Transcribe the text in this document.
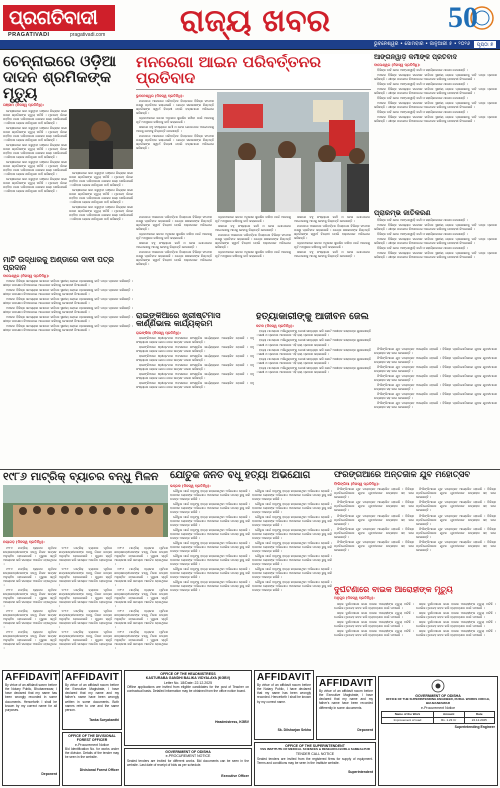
ପ୍ରଗତିବାଦୀ
PRAGATIVADI	pragativadi.com	ରାଜ୍ୟ ଖବର	50
ଭୁବନେଶ୍ୱର • ସୋମବାର • ଜାନୁଆରୀ ୫ • ୨୦୨୬	ପୃଷ୍ଠା ୭
ଚେନ୍ନାଇରେ ଓଡ଼ିଆ ଦାଦନ ଶ୍ରମିକଙ୍କ ମୃତ୍ୟୁ
ଗଞ୍ଜାମ (ନିଜସ୍ୱ ପ୍ରତିନିଧି):

ଚେନ୍ନାଇରେ କାମ କରୁଥିବା ଗଞ୍ଜାମ ଜିଲ୍ଲାର ଜଣେ ଦାଦନ ଶ୍ରମିକଙ୍କ ମୃତ୍ୟୁ ଘଟିଛି । ମୃତଦେହ ଗାଁରେ ପହଞ୍ଚିବା ପରେ ପରିବାରରେ ଶୋକର ଛାୟା ଖେଳିଯାଇଛି । ପରିବାର ଲୋକେ କ୍ଷତିପୂରଣ ଦାବି କରିଛନ୍ତି ।

ଚେନ୍ନାଇରେ କାମ କରୁଥିବା ଗଞ୍ଜାମ ଜିଲ୍ଲାର ଜଣେ ଦାଦନ ଶ୍ରମିକଙ୍କ ମୃତ୍ୟୁ ଘଟିଛି । ମୃତଦେହ ଗାଁରେ ପହଞ୍ଚିବା ପରେ ପରିବାରରେ ଶୋକର ଛାୟା ଖେଳିଯାଇଛି । ପରିବାର ଲୋକେ କ୍ଷତିପୂରଣ ଦାବି କରିଛନ୍ତି ।

ଚେନ୍ନାଇରେ କାମ କରୁଥିବା ଗଞ୍ଜାମ ଜିଲ୍ଲାର ଜଣେ ଦାଦନ ଶ୍ରମିକଙ୍କ ମୃତ୍ୟୁ ଘଟିଛି । ମୃତଦେହ ଗାଁରେ ପହଞ୍ଚିବା ପରେ ପରିବାରରେ ଶୋକର ଛାୟା ଖେଳିଯାଇଛି । ପରିବାର ଲୋକେ କ୍ଷତିପୂରଣ ଦାବି କରିଛନ୍ତି ।

ଚେନ୍ନାଇରେ କାମ କରୁଥିବା ଗଞ୍ଜାମ ଜିଲ୍ଲାର ଜଣେ ଦାଦନ ଶ୍ରମିକଙ୍କ ମୃତ୍ୟୁ ଘଟିଛି । ମୃତଦେହ ଗାଁରେ ପହଞ୍ଚିବା ପରେ ପରିବାରରେ ଶୋକର ଛାୟା ଖେଳିଯାଇଛି । ପରିବାର ଲୋକେ କ୍ଷତିପୂରଣ ଦାବି କରିଛନ୍ତି ।

ଚେନ୍ନାଇରେ କାମ କରୁଥିବା ଗଞ୍ଜାମ ଜିଲ୍ଲାର ଜଣେ ଦାଦନ ଶ୍ରମିକଙ୍କ ମୃତ୍ୟୁ ଘଟିଛି । ମୃତଦେହ ଗାଁରେ ପହଞ୍ଚିବା ପରେ ପରିବାରରେ ଶୋକର ଛାୟା ଖେଳିଯାଇଛି । ପରିବାର ଲୋକେ କ୍ଷତିପୂରଣ ଦାବି କରିଛନ୍ତି ।

ଚେନ୍ନାଇରେ କାମ କରୁଥିବା ଗଞ୍ଜାମ ଜିଲ୍ଲାର ଜଣେ ଦାଦନ ଶ୍ରମିକଙ୍କ ମୃତ୍ୟୁ ଘଟିଛି । ମୃତଦେହ ଗାଁରେ ପହଞ୍ଚିବା ପରେ ପରିବାରରେ ଶୋକର ଛାୟା ଖେଳିଯାଇଛି । ପରିବାର ଲୋକେ କ୍ଷତିପୂରଣ ଦାବି କରିଛନ୍ତି ।

ଚେନ୍ନାଇରେ କାମ କରୁଥିବା ଗଞ୍ଜାମ ଜିଲ୍ଲାର ଜଣେ ଦାଦନ ଶ୍ରମିକଙ୍କ ମୃତ୍ୟୁ ଘଟିଛି । ମୃତଦେହ ଗାଁରେ ପହଞ୍ଚିବା ପରେ ପରିବାରରେ ଶୋକର ଛାୟା ଖେଳିଯାଇଛି । ପରିବାର ଲୋକେ କ୍ଷତିପୂରଣ ଦାବି କରିଛନ୍ତି ।

ଚେନ୍ନାଇରେ କାମ କରୁଥିବା ଗଞ୍ଜାମ ଜିଲ୍ଲାର ଜଣେ ଦାଦନ ଶ୍ରମିକଙ୍କ ମୃତ୍ୟୁ ଘଟିଛି । ମୃତଦେହ ଗାଁରେ ପହଞ୍ଚିବା ପରେ ପରିବାରରେ ଶୋକର ଛାୟା ଖେଳିଯାଇଛି । ପରିବାର ଲୋକେ କ୍ଷତିପୂରଣ ଦାବି କରିଛନ୍ତି ।

ମାଟି ଉଦ୍ଧାରକୁ ଅଣ୍ଡାରେ ଦାବୀ ପତ୍ର ପ୍ରଦାନ
ବାଲେଶ୍ୱର (ନିଜସ୍ୱ ପ୍ରତିନିଧି):

ଅଞ୍ଚଳର ବିଭିନ୍ନ ସମସ୍ୟାର ସମାଧାନ ଦାବିରେ ସ୍ଥାନୀୟ ଲୋକେ ପ୍ରଶାସନକୁ ଦାବି ପତ୍ର ପ୍ରଦାନ କରିଛନ୍ତି । ଶୀଘ୍ର ପଦକ୍ଷେପ ନିଆନଗଲେ ଆନ୍ଦୋଳନ କରିବାକୁ ଚେତାବନୀ ଦିଆଯାଇଛି ।

ଅଞ୍ଚଳର ବିଭିନ୍ନ ସମସ୍ୟାର ସମାଧାନ ଦାବିରେ ସ୍ଥାନୀୟ ଲୋକେ ପ୍ରଶାସନକୁ ଦାବି ପତ୍ର ପ୍ରଦାନ କରିଛନ୍ତି । ଶୀଘ୍ର ପଦକ୍ଷେପ ନିଆନଗଲେ ଆନ୍ଦୋଳନ କରିବାକୁ ଚେତାବନୀ ଦିଆଯାଇଛି ।

ଅଞ୍ଚଳର ବିଭିନ୍ନ ସମସ୍ୟାର ସମାଧାନ ଦାବିରେ ସ୍ଥାନୀୟ ଲୋକେ ପ୍ରଶାସନକୁ ଦାବି ପତ୍ର ପ୍ରଦାନ କରିଛନ୍ତି । ଶୀଘ୍ର ପଦକ୍ଷେପ ନିଆନଗଲେ ଆନ୍ଦୋଳନ କରିବାକୁ ଚେତାବନୀ ଦିଆଯାଇଛି ।

ଅଞ୍ଚଳର ବିଭିନ୍ନ ସମସ୍ୟାର ସମାଧାନ ଦାବିରେ ସ୍ଥାନୀୟ ଲୋକେ ପ୍ରଶାସନକୁ ଦାବି ପତ୍ର ପ୍ରଦାନ କରିଛନ୍ତି । ଶୀଘ୍ର ପଦକ୍ଷେପ ନିଆନଗଲେ ଆନ୍ଦୋଳନ କରିବାକୁ ଚେତାବନୀ ଦିଆଯାଇଛି ।

ଅଞ୍ଚଳର ବିଭିନ୍ନ ସମସ୍ୟାର ସମାଧାନ ଦାବିରେ ସ୍ଥାନୀୟ ଲୋକେ ପ୍ରଶାସନକୁ ଦାବି ପତ୍ର ପ୍ରଦାନ କରିଛନ୍ତି । ଶୀଘ୍ର ପଦକ୍ଷେପ ନିଆନଗଲେ ଆନ୍ଦୋଳନ କରିବାକୁ ଚେତାବନୀ ଦିଆଯାଇଛି ।

ଅଞ୍ଚଳର ବିଭିନ୍ନ ସମସ୍ୟାର ସମାଧାନ ଦାବିରେ ସ୍ଥାନୀୟ ଲୋକେ ପ୍ରଶାସନକୁ ଦାବି ପତ୍ର ପ୍ରଦାନ କରିଛନ୍ତି । ଶୀଘ୍ର ପଦକ୍ଷେପ ନିଆନଗଲେ ଆନ୍ଦୋଳନ କରିବାକୁ ଚେତାବନୀ ଦିଆଯାଇଛି ।

ମନରେଗା ଆଇନ ପରିବର୍ତ୍ତନର ପ୍ରତିବାଦ
ଭୁବନେଶ୍ୱର (ନିଜସ୍ୱ ପ୍ରତିନିଧି):

ମନରେଗା ଆଇନରେ ପରିବର୍ତ୍ତନ ବିରୋଧରେ ବିଭିନ୍ନ ସଂଗଠନ ପକ୍ଷରୁ ପ୍ରତିବାଦ କରାଯାଇଛି । କେନ୍ଦ୍ର ସରକାରଙ୍କ ନିଷ୍ପତ୍ତି ଶ୍ରମିକଙ୍କ ସ୍ୱାର୍ଥ ବିରୋଧୀ ବୋଲି ବକ୍ତାମାନେ ଅଭିଯୋଗ କରିଛନ୍ତି ।

ଗ୍ରାମାଞ୍ଚଳରେ କାମର ଅଧିକାର ସୁରକ୍ଷିତ ରଖିବା ପାଇଁ ଆଇନକୁ ପୂର୍ବ ଅବସ୍ଥାରେ ରଖିବାକୁ ଦାବି କରାଯାଇଛି ।

ସଭାରେ ବହୁ ସଂଖ୍ୟାରେ କର୍ମୀ ଓ ନେତା ଯୋଗଦେଇ ଆନ୍ଦୋଳନକୁ ଆଗକୁ ନେବାକୁ ନିଷ୍ପତ୍ତି ନେଇଛନ୍ତି ।

ମନରେଗା ଆଇନରେ ପରିବର୍ତ୍ତନ ବିରୋଧରେ ବିଭିନ୍ନ ସଂଗଠନ ପକ୍ଷରୁ ପ୍ରତିବାଦ କରାଯାଇଛି । କେନ୍ଦ୍ର ସରକାରଙ୍କ ନିଷ୍ପତ୍ତି ଶ୍ରମିକଙ୍କ ସ୍ୱାର୍ଥ ବିରୋଧୀ ବୋଲି ବକ୍ତାମାନେ ଅଭିଯୋଗ କରିଛନ୍ତି ।

ମନରେଗା ଆଇନରେ ପରିବର୍ତ୍ତନ ବିରୋଧରେ ବିଭିନ୍ନ ସଂଗଠନ ପକ୍ଷରୁ ପ୍ରତିବାଦ କରାଯାଇଛି । କେନ୍ଦ୍ର ସରକାରଙ୍କ ନିଷ୍ପତ୍ତି ଶ୍ରମିକଙ୍କ ସ୍ୱାର୍ଥ ବିରୋଧୀ ବୋଲି ବକ୍ତାମାନେ ଅଭିଯୋଗ କରିଛନ୍ତି ।

ଗ୍ରାମାଞ୍ଚଳରେ କାମର ଅଧିକାର ସୁରକ୍ଷିତ ରଖିବା ପାଇଁ ଆଇନକୁ ପୂର୍ବ ଅବସ୍ଥାରେ ରଖିବାକୁ ଦାବି କରାଯାଇଛି ।

ସଭାରେ ବହୁ ସଂଖ୍ୟାରେ କର୍ମୀ ଓ ନେତା ଯୋଗଦେଇ ଆନ୍ଦୋଳନକୁ ଆଗକୁ ନେବାକୁ ନିଷ୍ପତ୍ତି ନେଇଛନ୍ତି ।

ମନରେଗା ଆଇନରେ ପରିବର୍ତ୍ତନ ବିରୋଧରେ ବିଭିନ୍ନ ସଂଗଠନ ପକ୍ଷରୁ ପ୍ରତିବାଦ କରାଯାଇଛି । କେନ୍ଦ୍ର ସରକାରଙ୍କ ନିଷ୍ପତ୍ତି ଶ୍ରମିକଙ୍କ ସ୍ୱାର୍ଥ ବିରୋଧୀ ବୋଲି ବକ୍ତାମାନେ ଅଭିଯୋଗ କରିଛନ୍ତି ।

ଗ୍ରାମାଞ୍ଚଳରେ କାମର ଅଧିକାର ସୁରକ୍ଷିତ ରଖିବା ପାଇଁ ଆଇନକୁ ପୂର୍ବ ଅବସ୍ଥାରେ ରଖିବାକୁ ଦାବି କରାଯାଇଛି ।

ସଭାରେ ବହୁ ସଂଖ୍ୟାରେ କର୍ମୀ ଓ ନେତା ଯୋଗଦେଇ ଆନ୍ଦୋଳନକୁ ଆଗକୁ ନେବାକୁ ନିଷ୍ପତ୍ତି ନେଇଛନ୍ତି ।

ମନରେଗା ଆଇନରେ ପରିବର୍ତ୍ତନ ବିରୋଧରେ ବିଭିନ୍ନ ସଂଗଠନ ପକ୍ଷରୁ ପ୍ରତିବାଦ କରାଯାଇଛି । କେନ୍ଦ୍ର ସରକାରଙ୍କ ନିଷ୍ପତ୍ତି ଶ୍ରମିକଙ୍କ ସ୍ୱାର୍ଥ ବିରୋଧୀ ବୋଲି ବକ୍ତାମାନେ ଅଭିଯୋଗ କରିଛନ୍ତି ।

ଗ୍ରାମାଞ୍ଚଳରେ କାମର ଅଧିକାର ସୁରକ୍ଷିତ ରଖିବା ପାଇଁ ଆଇନକୁ ପୂର୍ବ ଅବସ୍ଥାରେ ରଖିବାକୁ ଦାବି କରାଯାଇଛି ।

ସଭାରେ ବହୁ ସଂଖ୍ୟାରେ କର୍ମୀ ଓ ନେତା ଯୋଗଦେଇ ଆନ୍ଦୋଳନକୁ ଆଗକୁ ନେବାକୁ ନିଷ୍ପତ୍ତି ନେଇଛନ୍ତି ।

ମନରେଗା ଆଇନରେ ପରିବର୍ତ୍ତନ ବିରୋଧରେ ବିଭିନ୍ନ ସଂଗଠନ ପକ୍ଷରୁ ପ୍ରତିବାଦ କରାଯାଇଛି । କେନ୍ଦ୍ର ସରକାରଙ୍କ ନିଷ୍ପତ୍ତି ଶ୍ରମିକଙ୍କ ସ୍ୱାର୍ଥ ବିରୋଧୀ ବୋଲି ବକ୍ତାମାନେ ଅଭିଯୋଗ କରିଛନ୍ତି ।

ଗ୍ରାମାଞ୍ଚଳରେ କାମର ଅଧିକାର ସୁରକ୍ଷିତ ରଖିବା ପାଇଁ ଆଇନକୁ ପୂର୍ବ ଅବସ୍ଥାରେ ରଖିବାକୁ ଦାବି କରାଯାଇଛି ।

ସଭାରେ ବହୁ ସଂଖ୍ୟାରେ କର୍ମୀ ଓ ନେତା ଯୋଗଦେଇ ଆନ୍ଦୋଳନକୁ ଆଗକୁ ନେବାକୁ ନିଷ୍ପତ୍ତି ନେଇଛନ୍ତି ।

ରାଇଙ୍କିଆରେ ଖ୍ରୀଷ୍ଟମାସ କାର୍ଣ୍ଣିଭାଲ କାର୍ଯ୍ୟକ୍ରମ
ରାଇଙ୍କିଆ (ନିଜସ୍ୱ ପ୍ରତିନିଧି):

ରାଇଙ୍କିଆରେ ଖ୍ରୀଷ୍ଟମାସ ଅବସରରେ ସାଂସ୍କୃତିକ କାର୍ଯ୍ୟକ୍ରମ ଆୟୋଜିତ ହୋଇଛି । ବହୁ ସଂଖ୍ୟାରେ ଲୋକେ ଯୋଗ ଦେଇ ଉତ୍ସବ ପାଳନ କରିଛନ୍ତି ।

ରାଇଙ୍କିଆରେ ଖ୍ରୀଷ୍ଟମାସ ଅବସରରେ ସାଂସ୍କୃତିକ କାର୍ଯ୍ୟକ୍ରମ ଆୟୋଜିତ ହୋଇଛି । ବହୁ ସଂଖ୍ୟାରେ ଲୋକେ ଯୋଗ ଦେଇ ଉତ୍ସବ ପାଳନ କରିଛନ୍ତି ।

ରାଇଙ୍କିଆରେ ଖ୍ରୀଷ୍ଟମାସ ଅବସରରେ ସାଂସ୍କୃତିକ କାର୍ଯ୍ୟକ୍ରମ ଆୟୋଜିତ ହୋଇଛି । ବହୁ ସଂଖ୍ୟାରେ ଲୋକେ ଯୋଗ ଦେଇ ଉତ୍ସବ ପାଳନ କରିଛନ୍ତି ।

ରାଇଙ୍କିଆରେ ଖ୍ରୀଷ୍ଟମାସ ଅବସରରେ ସାଂସ୍କୃତିକ କାର୍ଯ୍ୟକ୍ରମ ଆୟୋଜିତ ହୋଇଛି । ବହୁ ସଂଖ୍ୟାରେ ଲୋକେ ଯୋଗ ଦେଇ ଉତ୍ସବ ପାଳନ କରିଛନ୍ତି ।

ରାଇଙ୍କିଆରେ ଖ୍ରୀଷ୍ଟମାସ ଅବସରରେ ସାଂସ୍କୃତିକ କାର୍ଯ୍ୟକ୍ରମ ଆୟୋଜିତ ହୋଇଛି । ବହୁ ସଂଖ୍ୟାରେ ଲୋକେ ଯୋଗ ଦେଇ ଉତ୍ସବ ପାଳନ କରିଛନ୍ତି ।

ରାଇଙ୍କିଆରେ ଖ୍ରୀଷ୍ଟମାସ ଅବସରରେ ସାଂସ୍କୃତିକ କାର୍ଯ୍ୟକ୍ରମ ଆୟୋଜିତ ହୋଇଛି । ବହୁ ସଂଖ୍ୟାରେ ଲୋକେ ଯୋଗ ଦେଇ ଉତ୍ସବ ପାଳନ କରିଛନ୍ତି ।

ହତ୍ୟାକାରୀଙ୍କୁ ଆଜୀବନ ଜେଲ
କଟକ (ନିଜସ୍ୱ ପ୍ରତିନିଧି):

ହତ୍ୟା ମାମଲାରେ ଅଭିଯୁକ୍ତଙ୍କୁ ଦୋଷୀ ସାବ୍ୟସ୍ତ କରି କୋର୍ଟ ଆଜୀବନ କାରାଦଣ୍ଡ ଶୁଣାଇଛନ୍ତି । ସାକ୍ଷୀ ଓ ପ୍ରମାଣ ଆଧାରରେ ଏହି ରାୟ ପ୍ରଦାନ କରାଯାଇଛି ।

ହତ୍ୟା ମାମଲାରେ ଅଭିଯୁକ୍ତଙ୍କୁ ଦୋଷୀ ସାବ୍ୟସ୍ତ କରି କୋର୍ଟ ଆଜୀବନ କାରାଦଣ୍ଡ ଶୁଣାଇଛନ୍ତି । ସାକ୍ଷୀ ଓ ପ୍ରମାଣ ଆଧାରରେ ଏହି ରାୟ ପ୍ରଦାନ କରାଯାଇଛି ।

ହତ୍ୟା ମାମଲାରେ ଅଭିଯୁକ୍ତଙ୍କୁ ଦୋଷୀ ସାବ୍ୟସ୍ତ କରି କୋର୍ଟ ଆଜୀବନ କାରାଦଣ୍ଡ ଶୁଣାଇଛନ୍ତି । ସାକ୍ଷୀ ଓ ପ୍ରମାଣ ଆଧାରରେ ଏହି ରାୟ ପ୍ରଦାନ କରାଯାଇଛି ।

ହତ୍ୟା ମାମଲାରେ ଅଭିଯୁକ୍ତଙ୍କୁ ଦୋଷୀ ସାବ୍ୟସ୍ତ କରି କୋର୍ଟ ଆଜୀବନ କାରାଦଣ୍ଡ ଶୁଣାଇଛନ୍ତି । ସାକ୍ଷୀ ଓ ପ୍ରମାଣ ଆଧାରରେ ଏହି ରାୟ ପ୍ରଦାନ କରାଯାଇଛି ।

ହତ୍ୟା ମାମଲାରେ ଅଭିଯୁକ୍ତଙ୍କୁ ଦୋଷୀ ସାବ୍ୟସ୍ତ କରି କୋର୍ଟ ଆଜୀବନ କାରାଦଣ୍ଡ ଶୁଣାଇଛନ୍ତି । ସାକ୍ଷୀ ଓ ପ୍ରମାଣ ଆଧାରରେ ଏହି ରାୟ ପ୍ରଦାନ କରାଯାଇଛି ।

ଆଙ୍ଗନୱାଡ଼ି କର୍ମୀଙ୍କ ପ୍ରତିବାଦ
ବାଲେଶ୍ୱର (ନିଜସ୍ୱ ପ୍ରତିନିଧି):

ବିଭିନ୍ନ ଦାବି ନେଇ ଆଙ୍ଗନୱାଡ଼ି କର୍ମୀ ଓ ସହାୟିକାମାନେ ଧାରଣା ଦେଇଛନ୍ତି ।

ଅଞ୍ଚଳର ବିଭିନ୍ନ ସମସ୍ୟାର ସମାଧାନ ଦାବିରେ ସ୍ଥାନୀୟ ଲୋକେ ପ୍ରଶାସନକୁ ଦାବି ପତ୍ର ପ୍ରଦାନ କରିଛନ୍ତି । ଶୀଘ୍ର ପଦକ୍ଷେପ ନିଆନଗଲେ ଆନ୍ଦୋଳନ କରିବାକୁ ଚେତାବନୀ ଦିଆଯାଇଛି ।

ବିଭିନ୍ନ ଦାବି ନେଇ ଆଙ୍ଗନୱାଡ଼ି କର୍ମୀ ଓ ସହାୟିକାମାନେ ଧାରଣା ଦେଇଛନ୍ତି ।

ଅଞ୍ଚଳର ବିଭିନ୍ନ ସମସ୍ୟାର ସମାଧାନ ଦାବିରେ ସ୍ଥାନୀୟ ଲୋକେ ପ୍ରଶାସନକୁ ଦାବି ପତ୍ର ପ୍ରଦାନ କରିଛନ୍ତି । ଶୀଘ୍ର ପଦକ୍ଷେପ ନିଆନଗଲେ ଆନ୍ଦୋଳନ କରିବାକୁ ଚେତାବନୀ ଦିଆଯାଇଛି ।

ବିଭିନ୍ନ ଦାବି ନେଇ ଆଙ୍ଗନୱାଡ଼ି କର୍ମୀ ଓ ସହାୟିକାମାନେ ଧାରଣା ଦେଇଛନ୍ତି ।

ଅଞ୍ଚଳର ବିଭିନ୍ନ ସମସ୍ୟାର ସମାଧାନ ଦାବିରେ ସ୍ଥାନୀୟ ଲୋକେ ପ୍ରଶାସନକୁ ଦାବି ପତ୍ର ପ୍ରଦାନ କରିଛନ୍ତି । ଶୀଘ୍ର ପଦକ୍ଷେପ ନିଆନଗଲେ ଆନ୍ଦୋଳନ କରିବାକୁ ଚେତାବନୀ ଦିଆଯାଇଛି ।

ବିଭିନ୍ନ ଦାବି ନେଇ ଆଙ୍ଗନୱାଡ଼ି କର୍ମୀ ଓ ସହାୟିକାମାନେ ଧାରଣା ଦେଇଛନ୍ତି ।

ଅଞ୍ଚଳର ବିଭିନ୍ନ ସମସ୍ୟାର ସମାଧାନ ଦାବିରେ ସ୍ଥାନୀୟ ଲୋକେ ପ୍ରଶାସନକୁ ଦାବି ପତ୍ର ପ୍ରଦାନ କରିଛନ୍ତି । ଶୀଘ୍ର ପଦକ୍ଷେପ ନିଆନଗଲେ ଆନ୍ଦୋଳନ କରିବାକୁ ଚେତାବନୀ ଦିଆଯାଇଛି ।

ପ୍ରାରମ୍ଭ ଜାତିକରଣ

ବିଭିନ୍ନ ଦାବି ନେଇ ଆଙ୍ଗନୱାଡ଼ି କର୍ମୀ ଓ ସହାୟିକାମାନେ ଧାରଣା ଦେଇଛନ୍ତି ।

ଅଞ୍ଚଳର ବିଭିନ୍ନ ସମସ୍ୟାର ସମାଧାନ ଦାବିରେ ସ୍ଥାନୀୟ ଲୋକେ ପ୍ରଶାସନକୁ ଦାବି ପତ୍ର ପ୍ରଦାନ କରିଛନ୍ତି । ଶୀଘ୍ର ପଦକ୍ଷେପ ନିଆନଗଲେ ଆନ୍ଦୋଳନ କରିବାକୁ ଚେତାବନୀ ଦିଆଯାଇଛି ।

ବିଭିନ୍ନ ଦାବି ନେଇ ଆଙ୍ଗନୱାଡ଼ି କର୍ମୀ ଓ ସହାୟିକାମାନେ ଧାରଣା ଦେଇଛନ୍ତି ।

ଅଞ୍ଚଳର ବିଭିନ୍ନ ସମସ୍ୟାର ସମାଧାନ ଦାବିରେ ସ୍ଥାନୀୟ ଲୋକେ ପ୍ରଶାସନକୁ ଦାବି ପତ୍ର ପ୍ରଦାନ କରିଛନ୍ତି । ଶୀଘ୍ର ପଦକ୍ଷେପ ନିଆନଗଲେ ଆନ୍ଦୋଳନ କରିବାକୁ ଚେତାବନୀ ଦିଆଯାଇଛି ।

ବିଭିନ୍ନ ଦାବି ନେଇ ଆଙ୍ଗନୱାଡ଼ି କର୍ମୀ ଓ ସହାୟିକାମାନେ ଧାରଣା ଦେଇଛନ୍ତି ।

ଅଞ୍ଚଳର ବିଭିନ୍ନ ସମସ୍ୟାର ସମାଧାନ ଦାବିରେ ସ୍ଥାନୀୟ ଲୋକେ ପ୍ରଶାସନକୁ ଦାବି ପତ୍ର ପ୍ରଦାନ କରିଛନ୍ତି । ଶୀଘ୍ର ପଦକ୍ଷେପ ନିଆନଗଲେ ଆନ୍ଦୋଳନ କରିବାକୁ ଚେତାବନୀ ଦିଆଯାଇଛି ।

ଫିରିଙ୍ଗିଆରେ ଯୁବ ମହୋତ୍ସବ ଆୟୋଜିତ ହୋଇଛି । ବିଭିନ୍ନ ପ୍ରତିଯୋଗିତାରେ ଯୁବକ ଯୁବତୀମାନେ ଉତ୍ସାହର ସହ ଭାଗ ନେଇଛନ୍ତି ।

ଫିରିଙ୍ଗିଆରେ ଯୁବ ମହୋତ୍ସବ ଆୟୋଜିତ ହୋଇଛି । ବିଭିନ୍ନ ପ୍ରତିଯୋଗିତାରେ ଯୁବକ ଯୁବତୀମାନେ ଉତ୍ସାହର ସହ ଭାଗ ନେଇଛନ୍ତି ।

ଫିରିଙ୍ଗିଆରେ ଯୁବ ମହୋତ୍ସବ ଆୟୋଜିତ ହୋଇଛି । ବିଭିନ୍ନ ପ୍ରତିଯୋଗିତାରେ ଯୁବକ ଯୁବତୀମାନେ ଉତ୍ସାହର ସହ ଭାଗ ନେଇଛନ୍ତି ।

ଫିରିଙ୍ଗିଆରେ ଯୁବ ମହୋତ୍ସବ ଆୟୋଜିତ ହୋଇଛି । ବିଭିନ୍ନ ପ୍ରତିଯୋଗିତାରେ ଯୁବକ ଯୁବତୀମାନେ ଉତ୍ସାହର ସହ ଭାଗ ନେଇଛନ୍ତି ।

ଫିରିଙ୍ଗିଆରେ ଯୁବ ମହୋତ୍ସବ ଆୟୋଜିତ ହୋଇଛି । ବିଭିନ୍ନ ପ୍ରତିଯୋଗିତାରେ ଯୁବକ ଯୁବତୀମାନେ ଉତ୍ସାହର ସହ ଭାଗ ନେଇଛନ୍ତି ।

ଫିରିଙ୍ଗିଆରେ ଯୁବ ମହୋତ୍ସବ ଆୟୋଜିତ ହୋଇଛି । ବିଭିନ୍ନ ପ୍ରତିଯୋଗିତାରେ ଯୁବକ ଯୁବତୀମାନେ ଉତ୍ସାହର ସହ ଭାଗ ନେଇଛନ୍ତି ।

ଫିରିଙ୍ଗିଆରେ ଯୁବ ମହୋତ୍ସବ ଆୟୋଜିତ ହୋଇଛି । ବିଭିନ୍ନ ପ୍ରତିଯୋଗିତାରେ ଯୁବକ ଯୁବତୀମାନେ ଉତ୍ସାହର ସହ ଭାଗ ନେଇଛନ୍ତି ।

୧୯୮୬ ମାଟ୍ରିକ୍ ବ୍ୟାଚର ବନ୍ଧୁ ମିଳନ
ନୟାଗଡ଼ (ନିଜସ୍ୱ ପ୍ରତିନିଧି):

୧୯୮୬ ମାଟ୍ରିକ୍ ବ୍ୟାଚର ପୂର୍ବତନ ଛାତ୍ରଛାତ୍ରୀମାନଙ୍କ ବନ୍ଧୁ ମିଳନ ଉତ୍ସବ ଅନୁଷ୍ଠିତ ହୋଇଯାଇଛି । ପୁରୁଣା ସ୍ମୃତି ଆଲୋଚନା କରି ସମସ୍ତେ ଆନନ୍ଦିତ ହୋଇଥିଲେ ।

୧୯୮୬ ମାଟ୍ରିକ୍ ବ୍ୟାଚର ପୂର୍ବତନ ଛାତ୍ରଛାତ୍ରୀମାନଙ୍କ ବନ୍ଧୁ ମିଳନ ଉତ୍ସବ ଅନୁଷ୍ଠିତ ହୋଇଯାଇଛି । ପୁରୁଣା ସ୍ମୃତି ଆଲୋଚନା କରି ସମସ୍ତେ ଆନନ୍ଦିତ ହୋଇଥିଲେ ।

୧୯୮୬ ମାଟ୍ରିକ୍ ବ୍ୟାଚର ପୂର୍ବତନ ଛାତ୍ରଛାତ୍ରୀମାନଙ୍କ ବନ୍ଧୁ ମିଳନ ଉତ୍ସବ ଅନୁଷ୍ଠିତ ହୋଇଯାଇଛି । ପୁରୁଣା ସ୍ମୃତି ଆଲୋଚନା କରି ସମସ୍ତେ ଆନନ୍ଦିତ ହୋଇଥିଲେ ।

୧୯୮୬ ମାଟ୍ରିକ୍ ବ୍ୟାଚର ପୂର୍ବତନ ଛାତ୍ରଛାତ୍ରୀମାନଙ୍କ ବନ୍ଧୁ ମିଳନ ଉତ୍ସବ ଅନୁଷ୍ଠିତ ହୋଇଯାଇଛି । ପୁରୁଣା ସ୍ମୃତି ଆଲୋଚନା କରି ସମସ୍ତେ ଆନନ୍ଦିତ ହୋଇଥିଲେ ।

୧୯୮୬ ମାଟ୍ରିକ୍ ବ୍ୟାଚର ପୂର୍ବତନ ଛାତ୍ରଛାତ୍ରୀମାନଙ୍କ ବନ୍ଧୁ ମିଳନ ଉତ୍ସବ ଅନୁଷ୍ଠିତ ହୋଇଯାଇଛି । ପୁରୁଣା ସ୍ମୃତି ଆଲୋଚନା କରି ସମସ୍ତେ ଆନନ୍ଦିତ ହୋଇଥିଲେ ।

୧୯୮୬ ମାଟ୍ରିକ୍ ବ୍ୟାଚର ପୂର୍ବତନ ଛାତ୍ରଛାତ୍ରୀମାନଙ୍କ ବନ୍ଧୁ ମିଳନ ଉତ୍ସବ ଅନୁଷ୍ଠିତ ହୋଇଯାଇଛି । ପୁରୁଣା ସ୍ମୃତି ଆଲୋଚନା କରି ସମସ୍ତେ ଆନନ୍ଦିତ ହୋଇଥିଲେ ।

୧୯୮୬ ମାଟ୍ରିକ୍ ବ୍ୟାଚର ପୂର୍ବତନ ଛାତ୍ରଛାତ୍ରୀମାନଙ୍କ ବନ୍ଧୁ ମିଳନ ଉତ୍ସବ ଅନୁଷ୍ଠିତ ହୋଇଯାଇଛି । ପୁରୁଣା ସ୍ମୃତି ଆଲୋଚନା କରି ସମସ୍ତେ ଆନନ୍ଦିତ ହୋଇଥିଲେ ।

୧୯୮୬ ମାଟ୍ରିକ୍ ବ୍ୟାଚର ପୂର୍ବତନ ଛାତ୍ରଛାତ୍ରୀମାନଙ୍କ ବନ୍ଧୁ ମିଳନ ଉତ୍ସବ ଅନୁଷ୍ଠିତ ହୋଇଯାଇଛି । ପୁରୁଣା ସ୍ମୃତି ଆଲୋଚନା କରି ସମସ୍ତେ ଆନନ୍ଦିତ ହୋଇଥିଲେ ।

୧୯୮୬ ମାଟ୍ରିକ୍ ବ୍ୟାଚର ପୂର୍ବତନ ଛାତ୍ରଛାତ୍ରୀମାନଙ୍କ ବନ୍ଧୁ ମିଳନ ଉତ୍ସବ ଅନୁଷ୍ଠିତ ହୋଇଯାଇଛି । ପୁରୁଣା ସ୍ମୃତି ଆଲୋଚନା କରି ସମସ୍ତେ ଆନନ୍ଦିତ ହୋଇଥିଲେ ।

୧୯୮୬ ମାଟ୍ରିକ୍ ବ୍ୟାଚର ପୂର୍ବତନ ଛାତ୍ରଛାତ୍ରୀମାନଙ୍କ ବନ୍ଧୁ ମିଳନ ଉତ୍ସବ ଅନୁଷ୍ଠିତ ହୋଇଯାଇଛି । ପୁରୁଣା ସ୍ମୃତି ଆଲୋଚନା କରି ସମସ୍ତେ ଆନନ୍ଦିତ ହୋଇଥିଲେ ।

୧୯୮୬ ମାଟ୍ରିକ୍ ବ୍ୟାଚର ପୂର୍ବତନ ଛାତ୍ରଛାତ୍ରୀମାନଙ୍କ ବନ୍ଧୁ ମିଳନ ଉତ୍ସବ ଅନୁଷ୍ଠିତ ହୋଇଯାଇଛି । ପୁରୁଣା ସ୍ମୃତି ଆଲୋଚନା କରି ସମସ୍ତେ ଆନନ୍ଦିତ ହୋଇଥିଲେ ।

୧୯୮୬ ମାଟ୍ରିକ୍ ବ୍ୟାଚର ପୂର୍ବତନ ଛାତ୍ରଛାତ୍ରୀମାନଙ୍କ ବନ୍ଧୁ ମିଳନ ଉତ୍ସବ ଅନୁଷ୍ଠିତ ହୋଇଯାଇଛି । ପୁରୁଣା ସ୍ମୃତି ଆଲୋଚନା କରି ସମସ୍ତେ ଆନନ୍ଦିତ ହୋଇଥିଲେ ।

୧୯୮୬ ମାଟ୍ରିକ୍ ବ୍ୟାଚର ପୂର୍ବତନ ଛାତ୍ରଛାତ୍ରୀମାନଙ୍କ ବନ୍ଧୁ ମିଳନ ଉତ୍ସବ ଅନୁଷ୍ଠିତ ହୋଇଯାଇଛି । ପୁରୁଣା ସ୍ମୃତି ଆଲୋଚନା କରି ସମସ୍ତେ ଆନନ୍ଦିତ ହୋଇଥିଲେ ।

୧୯୮୬ ମାଟ୍ରିକ୍ ବ୍ୟାଚର ପୂର୍ବତନ ଛାତ୍ରଛାତ୍ରୀମାନଙ୍କ ବନ୍ଧୁ ମିଳନ ଉତ୍ସବ ଅନୁଷ୍ଠିତ ହୋଇଯାଇଛି । ପୁରୁଣା ସ୍ମୃତି ଆଲୋଚନା କରି ସମସ୍ତେ ଆନନ୍ଦିତ ହୋଇଥିଲେ ।

୧୯୮୬ ମାଟ୍ରିକ୍ ବ୍ୟାଚର ପୂର୍ବତନ ଛାତ୍ରଛାତ୍ରୀମାନଙ୍କ ବନ୍ଧୁ ମିଳନ ଉତ୍ସବ ଅନୁଷ୍ଠିତ ହୋଇଯାଇଛି । ପୁରୁଣା ସ୍ମୃତି ଆଲୋଚନା କରି ସମସ୍ତେ ଆନନ୍ଦିତ ହୋଇଥିଲେ ।

ଯୌତୁକ ଜନିତ ବଧୂ ହତ୍ୟା ଅଭିଯୋଗ
ଭଦ୍ରକ (ନିଜସ୍ୱ ପ୍ରତିନିଧି):

ଯୌତୁକ ପାଇଁ ବଧୂଙ୍କୁ ହତ୍ୟା କରାଯାଇଥିବା ଅଭିଯୋଗ ହୋଇଛି । ବାପଘର ଲୋକଙ୍କ ଅଭିଯୋଗ ଆଧାରରେ ପୋଲିସ ମାମଲା ରୁଜୁ କରି ତଦନ୍ତ ଆରମ୍ଭ କରିଛି ।

ଯୌତୁକ ପାଇଁ ବଧୂଙ୍କୁ ହତ୍ୟା କରାଯାଇଥିବା ଅଭିଯୋଗ ହୋଇଛି । ବାପଘର ଲୋକଙ୍କ ଅଭିଯୋଗ ଆଧାରରେ ପୋଲିସ ମାମଲା ରୁଜୁ କରି ତଦନ୍ତ ଆରମ୍ଭ କରିଛି ।

ଯୌତୁକ ପାଇଁ ବଧୂଙ୍କୁ ହତ୍ୟା କରାଯାଇଥିବା ଅଭିଯୋଗ ହୋଇଛି । ବାପଘର ଲୋକଙ୍କ ଅଭିଯୋଗ ଆଧାରରେ ପୋଲିସ ମାମଲା ରୁଜୁ କରି ତଦନ୍ତ ଆରମ୍ଭ କରିଛି ।

ଯୌତୁକ ପାଇଁ ବଧୂଙ୍କୁ ହତ୍ୟା କରାଯାଇଥିବା ଅଭିଯୋଗ ହୋଇଛି । ବାପଘର ଲୋକଙ୍କ ଅଭିଯୋଗ ଆଧାରରେ ପୋଲିସ ମାମଲା ରୁଜୁ କରି ତଦନ୍ତ ଆରମ୍ଭ କରିଛି ।

ଯୌତୁକ ପାଇଁ ବଧୂଙ୍କୁ ହତ୍ୟା କରାଯାଇଥିବା ଅଭିଯୋଗ ହୋଇଛି । ବାପଘର ଲୋକଙ୍କ ଅଭିଯୋଗ ଆଧାରରେ ପୋଲିସ ମାମଲା ରୁଜୁ କରି ତଦନ୍ତ ଆରମ୍ଭ କରିଛି ।

ଯୌତୁକ ପାଇଁ ବଧୂଙ୍କୁ ହତ୍ୟା କରାଯାଇଥିବା ଅଭିଯୋଗ ହୋଇଛି । ବାପଘର ଲୋକଙ୍କ ଅଭିଯୋଗ ଆଧାରରେ ପୋଲିସ ମାମଲା ରୁଜୁ କରି ତଦନ୍ତ ଆରମ୍ଭ କରିଛି ।

ଯୌତୁକ ପାଇଁ ବଧୂଙ୍କୁ ହତ୍ୟା କରାଯାଇଥିବା ଅଭିଯୋଗ ହୋଇଛି । ବାପଘର ଲୋକଙ୍କ ଅଭିଯୋଗ ଆଧାରରେ ପୋଲିସ ମାମଲା ରୁଜୁ କରି ତଦନ୍ତ ଆରମ୍ଭ କରିଛି ।

ଯୌତୁକ ପାଇଁ ବଧୂଙ୍କୁ ହତ୍ୟା କରାଯାଇଥିବା ଅଭିଯୋଗ ହୋଇଛି । ବାପଘର ଲୋକଙ୍କ ଅଭିଯୋଗ ଆଧାରରେ ପୋଲିସ ମାମଲା ରୁଜୁ କରି ତଦନ୍ତ ଆରମ୍ଭ କରିଛି ।

ଯୌତୁକ ପାଇଁ ବଧୂଙ୍କୁ ହତ୍ୟା କରାଯାଇଥିବା ଅଭିଯୋଗ ହୋଇଛି । ବାପଘର ଲୋକଙ୍କ ଅଭିଯୋଗ ଆଧାରରେ ପୋଲିସ ମାମଲା ରୁଜୁ କରି ତଦନ୍ତ ଆରମ୍ଭ କରିଛି ।

ଯୌତୁକ ପାଇଁ ବଧୂଙ୍କୁ ହତ୍ୟା କରାଯାଇଥିବା ଅଭିଯୋଗ ହୋଇଛି । ବାପଘର ଲୋକଙ୍କ ଅଭିଯୋଗ ଆଧାରରେ ପୋଲିସ ମାମଲା ରୁଜୁ କରି ତଦନ୍ତ ଆରମ୍ଭ କରିଛି ।

ଯୌତୁକ ପାଇଁ ବଧୂଙ୍କୁ ହତ୍ୟା କରାଯାଇଥିବା ଅଭିଯୋଗ ହୋଇଛି । ବାପଘର ଲୋକଙ୍କ ଅଭିଯୋଗ ଆଧାରରେ ପୋଲିସ ମାମଲା ରୁଜୁ କରି ତଦନ୍ତ ଆରମ୍ଭ କରିଛି ।

ଯୌତୁକ ପାଇଁ ବଧୂଙ୍କୁ ହତ୍ୟା କରାଯାଇଥିବା ଅଭିଯୋଗ ହୋଇଛି । ବାପଘର ଲୋକଙ୍କ ଅଭିଯୋଗ ଆଧାରରେ ପୋଲିସ ମାମଲା ରୁଜୁ କରି ତଦନ୍ତ ଆରମ୍ଭ କରିଛି ।

ଯୌତୁକ ପାଇଁ ବଧୂଙ୍କୁ ହତ୍ୟା କରାଯାଇଥିବା ଅଭିଯୋଗ ହୋଇଛି । ବାପଘର ଲୋକଙ୍କ ଅଭିଯୋଗ ଆଧାରରେ ପୋଲିସ ମାମଲା ରୁଜୁ କରି ତଦନ୍ତ ଆରମ୍ଭ କରିଛି ।

ଯୌତୁକ ପାଇଁ ବଧୂଙ୍କୁ ହତ୍ୟା କରାଯାଇଥିବା ଅଭିଯୋଗ ହୋଇଛି । ବାପଘର ଲୋକଙ୍କ ଅଭିଯୋଗ ଆଧାରରେ ପୋଲିସ ମାମଲା ରୁଜୁ କରି ତଦନ୍ତ ଆରମ୍ଭ କରିଛି ।

ଯୌତୁକ ପାଇଁ ବଧୂଙ୍କୁ ହତ୍ୟା କରାଯାଇଥିବା ଅଭିଯୋଗ ହୋଇଛି । ବାପଘର ଲୋକଙ୍କ ଅଭିଯୋଗ ଆଧାରରେ ପୋଲିସ ମାମଲା ରୁଜୁ କରି ତଦନ୍ତ ଆରମ୍ଭ କରିଛି ।

ଯୌତୁକ ପାଇଁ ବଧୂଙ୍କୁ ହତ୍ୟା କରାଯାଇଥିବା ଅଭିଯୋଗ ହୋଇଛି । ବାପଘର ଲୋକଙ୍କ ଅଭିଯୋଗ ଆଧାରରେ ପୋଲିସ ମାମଲା ରୁଜୁ କରି ତଦନ୍ତ ଆରମ୍ଭ କରିଛି ।

ଫିରିଙ୍ଗିଆରେ ଅନ୍ତର୍ଜାଳ ଯୁବ ମହୋତ୍ସବ
ଫିରିଙ୍ଗିଆ (ନିଜସ୍ୱ ପ୍ରତିନିଧି):

ଫିରିଙ୍ଗିଆରେ ଯୁବ ମହୋତ୍ସବ ଆୟୋଜିତ ହୋଇଛି । ବିଭିନ୍ନ ପ୍ରତିଯୋଗିତାରେ ଯୁବକ ଯୁବତୀମାନେ ଉତ୍ସାହର ସହ ଭାଗ ନେଇଛନ୍ତି ।

ଫିରିଙ୍ଗିଆରେ ଯୁବ ମହୋତ୍ସବ ଆୟୋଜିତ ହୋଇଛି । ବିଭିନ୍ନ ପ୍ରତିଯୋଗିତାରେ ଯୁବକ ଯୁବତୀମାନେ ଉତ୍ସାହର ସହ ଭାଗ ନେଇଛନ୍ତି ।

ଫିରିଙ୍ଗିଆରେ ଯୁବ ମହୋତ୍ସବ ଆୟୋଜିତ ହୋଇଛି । ବିଭିନ୍ନ ପ୍ରତିଯୋଗିତାରେ ଯୁବକ ଯୁବତୀମାନେ ଉତ୍ସାହର ସହ ଭାଗ ନେଇଛନ୍ତି ।

ଫିରିଙ୍ଗିଆରେ ଯୁବ ମହୋତ୍ସବ ଆୟୋଜିତ ହୋଇଛି । ବିଭିନ୍ନ ପ୍ରତିଯୋଗିତାରେ ଯୁବକ ଯୁବତୀମାନେ ଉତ୍ସାହର ସହ ଭାଗ ନେଇଛନ୍ତି ।

ଫିରିଙ୍ଗିଆରେ ଯୁବ ମହୋତ୍ସବ ଆୟୋଜିତ ହୋଇଛି । ବିଭିନ୍ନ ପ୍ରତିଯୋଗିତାରେ ଯୁବକ ଯୁବତୀମାନେ ଉତ୍ସାହର ସହ ଭାଗ ନେଇଛନ୍ତି ।

ଫିରିଙ୍ଗିଆରେ ଯୁବ ମହୋତ୍ସବ ଆୟୋଜିତ ହୋଇଛି । ବିଭିନ୍ନ ପ୍ରତିଯୋଗିତାରେ ଯୁବକ ଯୁବତୀମାନେ ଉତ୍ସାହର ସହ ଭାଗ ନେଇଛନ୍ତି ।

ଫିରିଙ୍ଗିଆରେ ଯୁବ ମହୋତ୍ସବ ଆୟୋଜିତ ହୋଇଛି । ବିଭିନ୍ନ ପ୍ରତିଯୋଗିତାରେ ଯୁବକ ଯୁବତୀମାନେ ଉତ୍ସାହର ସହ ଭାଗ ନେଇଛନ୍ତି ।

ଫିରିଙ୍ଗିଆରେ ଯୁବ ମହୋତ୍ସବ ଆୟୋଜିତ ହୋଇଛି । ବିଭିନ୍ନ ପ୍ରତିଯୋଗିତାରେ ଯୁବକ ଯୁବତୀମାନେ ଉତ୍ସାହର ସହ ଭାଗ ନେଇଛନ୍ତି ।

ଫିରିଙ୍ଗିଆରେ ଯୁବ ମହୋତ୍ସବ ଆୟୋଜିତ ହୋଇଛି । ବିଭିନ୍ନ ପ୍ରତିଯୋଗିତାରେ ଯୁବକ ଯୁବତୀମାନେ ଉତ୍ସାହର ସହ ଭାଗ ନେଇଛନ୍ତି ।

ଫିରିଙ୍ଗିଆରେ ଯୁବ ମହୋତ୍ସବ ଆୟୋଜିତ ହୋଇଛି । ବିଭିନ୍ନ ପ୍ରତିଯୋଗିତାରେ ଯୁବକ ଯୁବତୀମାନେ ଉତ୍ସାହର ସହ ଭାଗ ନେଇଛନ୍ତି ।

ଦୁର୍ଘଟଣାରେ ବାଇକ ଆରୋହୀଙ୍କ ମୃତ୍ୟୁ
ଅନୁଗୁଳ (ନିଜସ୍ୱ ପ୍ରତିନିଧି):

ସଡ଼କ ଦୁର୍ଘଟଣାରେ ଜଣେ ବାଇକ ଆରୋହୀଙ୍କ ମୃତ୍ୟୁ ଘଟିଛି । ପୋଲିସ ମୃତଦେହ ଜବତ କରି ବ୍ୟବଚ୍ଛେଦ ପାଇଁ ପଠାଇଛି ।

ସଡ଼କ ଦୁର୍ଘଟଣାରେ ଜଣେ ବାଇକ ଆରୋହୀଙ୍କ ମୃତ୍ୟୁ ଘଟିଛି । ପୋଲିସ ମୃତଦେହ ଜବତ କରି ବ୍ୟବଚ୍ଛେଦ ପାଇଁ ପଠାଇଛି ।

ସଡ଼କ ଦୁର୍ଘଟଣାରେ ଜଣେ ବାଇକ ଆରୋହୀଙ୍କ ମୃତ୍ୟୁ ଘଟିଛି । ପୋଲିସ ମୃତଦେହ ଜବତ କରି ବ୍ୟବଚ୍ଛେଦ ପାଇଁ ପଠାଇଛି ।

ସଡ଼କ ଦୁର୍ଘଟଣାରେ ଜଣେ ବାଇକ ଆରୋହୀଙ୍କ ମୃତ୍ୟୁ ଘଟିଛି । ପୋଲିସ ମୃତଦେହ ଜବତ କରି ବ୍ୟବଚ୍ଛେଦ ପାଇଁ ପଠାଇଛି ।

ସଡ଼କ ଦୁର୍ଘଟଣାରେ ଜଣେ ବାଇକ ଆରୋହୀଙ୍କ ମୃତ୍ୟୁ ଘଟିଛି । ପୋଲିସ ମୃତଦେହ ଜବତ କରି ବ୍ୟବଚ୍ଛେଦ ପାଇଁ ପଠାଇଛି ।

ସଡ଼କ ଦୁର୍ଘଟଣାରେ ଜଣେ ବାଇକ ଆରୋହୀଙ୍କ ମୃତ୍ୟୁ ଘଟିଛି । ପୋଲିସ ମୃତଦେହ ଜବତ କରି ବ୍ୟବଚ୍ଛେଦ ପାଇଁ ପଠାଇଛି ।

ସଡ଼କ ଦୁର୍ଘଟଣାରେ ଜଣେ ବାଇକ ଆରୋହୀଙ୍କ ମୃତ୍ୟୁ ଘଟିଛି । ପୋଲିସ ମୃତଦେହ ଜବତ କରି ବ୍ୟବଚ୍ଛେଦ ପାଇଁ ପଠାଇଛି ।

ସଡ଼କ ଦୁର୍ଘଟଣାରେ ଜଣେ ବାଇକ ଆରୋହୀଙ୍କ ମୃତ୍ୟୁ ଘଟିଛି । ପୋଲିସ ମୃତଦେହ ଜବତ କରି ବ୍ୟବଚ୍ଛେଦ ପାଇଁ ପଠାଇଛି ।

AFFIDAVIT
By virtue of an affidavit sworn before the Notary Public, Bhubaneswar, I have declared that my name has been wrongly recorded in some documents. Henceforth I shall be known by my correct name for all purposes.
Deponent
AFFIDAVIT
By virtue of an affidavit sworn before the Executive Magistrate, I have declared that my name and my father's name have been wrongly written in some documents. Both names refer to one and the same person.
Tanka Suryakanthi
OFFICE OF THE DIVISIONAL FOREST OFFICER
e-Procurement Notice
Bid Identification No. for works under the division. Details of the tender may be seen in the website.
Divisional Forest Officer
OFFICE OF THE HEADMISTRESS
KASTURABA GANDHI BALIKA VIDYALAYA (KGBV)
Letter No. 18/Date: 22.12.2025
Offline applications are invited from eligible candidates for the post of Teacher on contractual basis. Detailed information may be obtained from the office notice board.
Headmistress, KGBV
GOVERNMENT OF ODISHA
e-PROCUREMENT NOTICE
Sealed tenders are invited for different works. Bid documents can be seen in the website. Last date of receipt of bids as per schedule.
Executive Officer
AFFIDAVIT
By virtue of an affidavit sworn before the Notary Public, I have declared that my name has been wrongly recorded. Henceforth I shall be known by my correct name.
Sk. Dilsharjan Sekha
AFFIDAVIT
By virtue of an affidavit sworn before the Executive Magistrate, I have declared that my name and my father's name have been recorded differently in some documents.
Deponent
OFFICE OF THE SUPERINTENDENT
VSS INSTITUTE OF MEDICAL SCIENCES & RESEARCH BURLA SAMBALPUR
TENDER CALL NOTICE
Sealed tenders are invited from the registered firms for supply of equipment. Terms and conditions may be seen in the Institute website.
Superintendent
GOVERNMENT OF ODISHA
OFFICE OF THE SUPERINTENDING ENGINEER, RURAL WORKS CIRCLE, BHUBANESWAR
e-Procurement Notice
Name of the Work	Amount	Date
Improvement of road	Rs. 1.23 Cr	24.12.2025
Superintending Engineer
